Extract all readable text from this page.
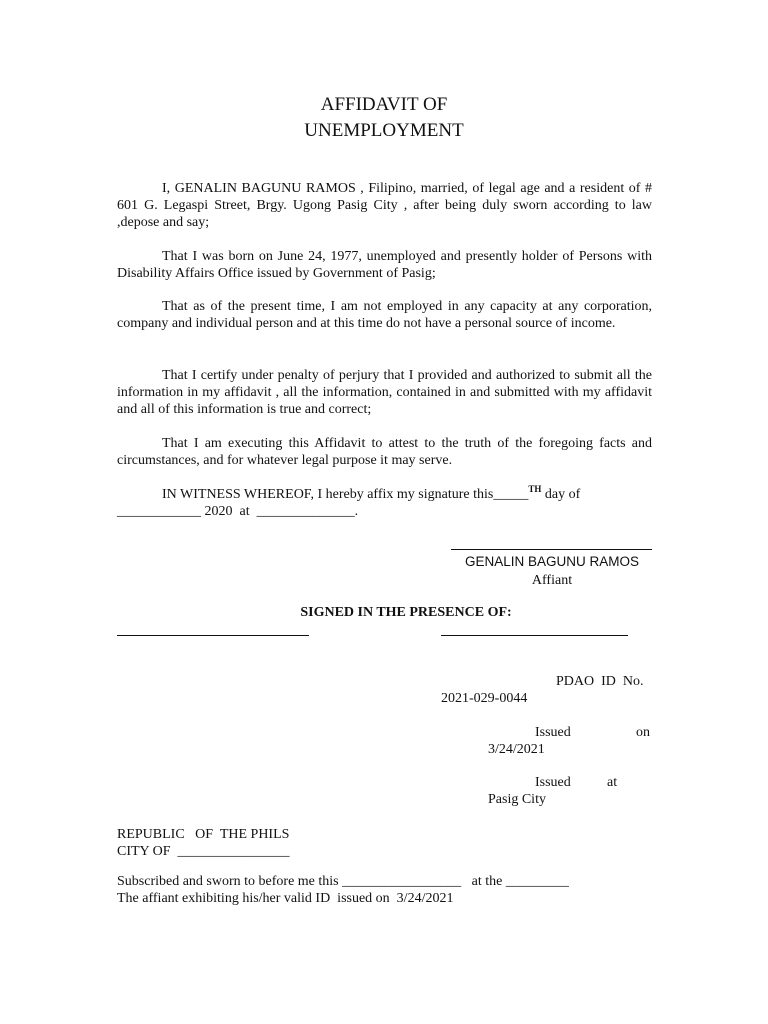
AFFIDAVIT OF
UNEMPLOYMENT
I, GENALIN BAGUNU RAMOS , Filipino, married, of legal age and a resident of # 601 G. Legaspi Street, Brgy. Ugong Pasig City , after being duly sworn according to law ,depose and say;
That I was born on June 24, 1977, unemployed and presently holder of Persons with Disability Affairs Office issued by Government of Pasig;
That as of the present time, I am not employed in any capacity at any corporation, company and individual person and at this time do not have a personal source of income.
That I certify under penalty of perjury that I provided and authorized to submit all the information in my affidavit , all the information, contained in and submitted with my affidavit and all of this information is true and correct;
That I am executing this Affidavit to attest to the truth of the foregoing facts and circumstances, and for whatever legal purpose it may serve.
IN WITNESS WHEREOF, I hereby affix my signature this_____$^{TH}$ day of
____________ 2020  at  ______________.
GENALIN BAGUNU RAMOS
Affiant
SIGNED IN THE PRESENCE OF:
PDAO  ID  No.
2021-029-0044
Issued	on
3/24/2021
Issued	at
Pasig City
REPUBLIC   OF  THE PHILS
CITY OF  ________________
Subscribed and sworn to before me this _________________   at the _________
The affiant exhibiting his/her valid ID  issued on  3/24/2021
